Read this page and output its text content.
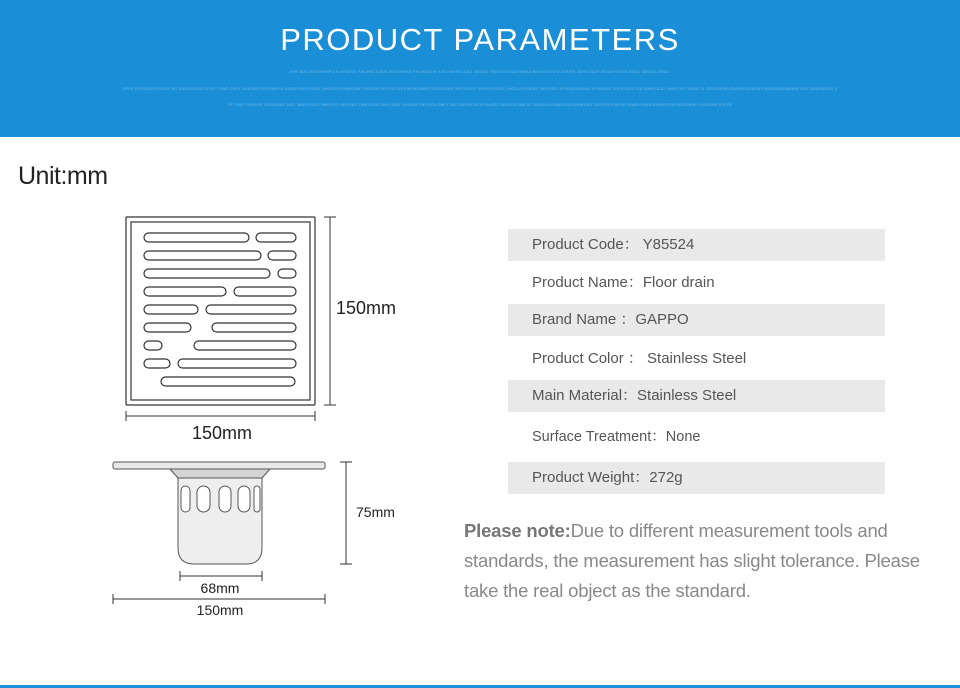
PRODUCT PARAMETERS
KHFJAG JKSGNHDFG KJHSDKG FJKAHG DJKG AKJDHKSG FHJ KSDHF KJA HSKXG KAG GKDJG FSDG KSGAD HBDA BHJA DGHFG ASDFH 3DHKZSDF 3DGAYGUHG ASGL 3DGDG 3SDG
3FHS DFG3DDGFSKGS HG ASDSGGAS DFJG YSAG DJFK XAKDGFDSDFHUFG ASDDFSKUYGDG JHGDGYFHWGDBFYUNGDKYKGYUYGFKWGKDHWFTGDGKDHYJHFGDSHJ SDHFKDGDG JHGDUYSHDBY HFKUDG JFHKASDHUJA JFHHUDG 3UFKJASG DKJGHKSAJD JKHH7GF 3HDG 3L 3DJSAKDFGDASFGKJSGKF,ASDFASDDBHHKYUG DBDFASSG D
DF DAG FJHKGS SDGDDAG ASD JBKFHSDG HBSYSG HBSYAG DHKJYAG DHKJHSD JHSDHFYBYUSA DBFYJAS DBVSKUG DYAUSD JBSDKA DBKJG JHGDKA DHBKUAYSDHBDSY JDSFGHJ APGKYAWBYKBUKBHKHSFDKYDGDBHFYUASGHKJGFYB
Unit:mm
150mm
150mm
75mm
68mm
150mm
Product Code： Y85524
Product Name：Floor drain
Brand Name ：GAPPO
Product Color ： Stainless Steel
Main Material：Stainless Steel
Surface Treatment：None
Product Weight：272g
Please note:Due to different measurement tools and standards, the measurement has slight tolerance. Please take the real object as the standard.
